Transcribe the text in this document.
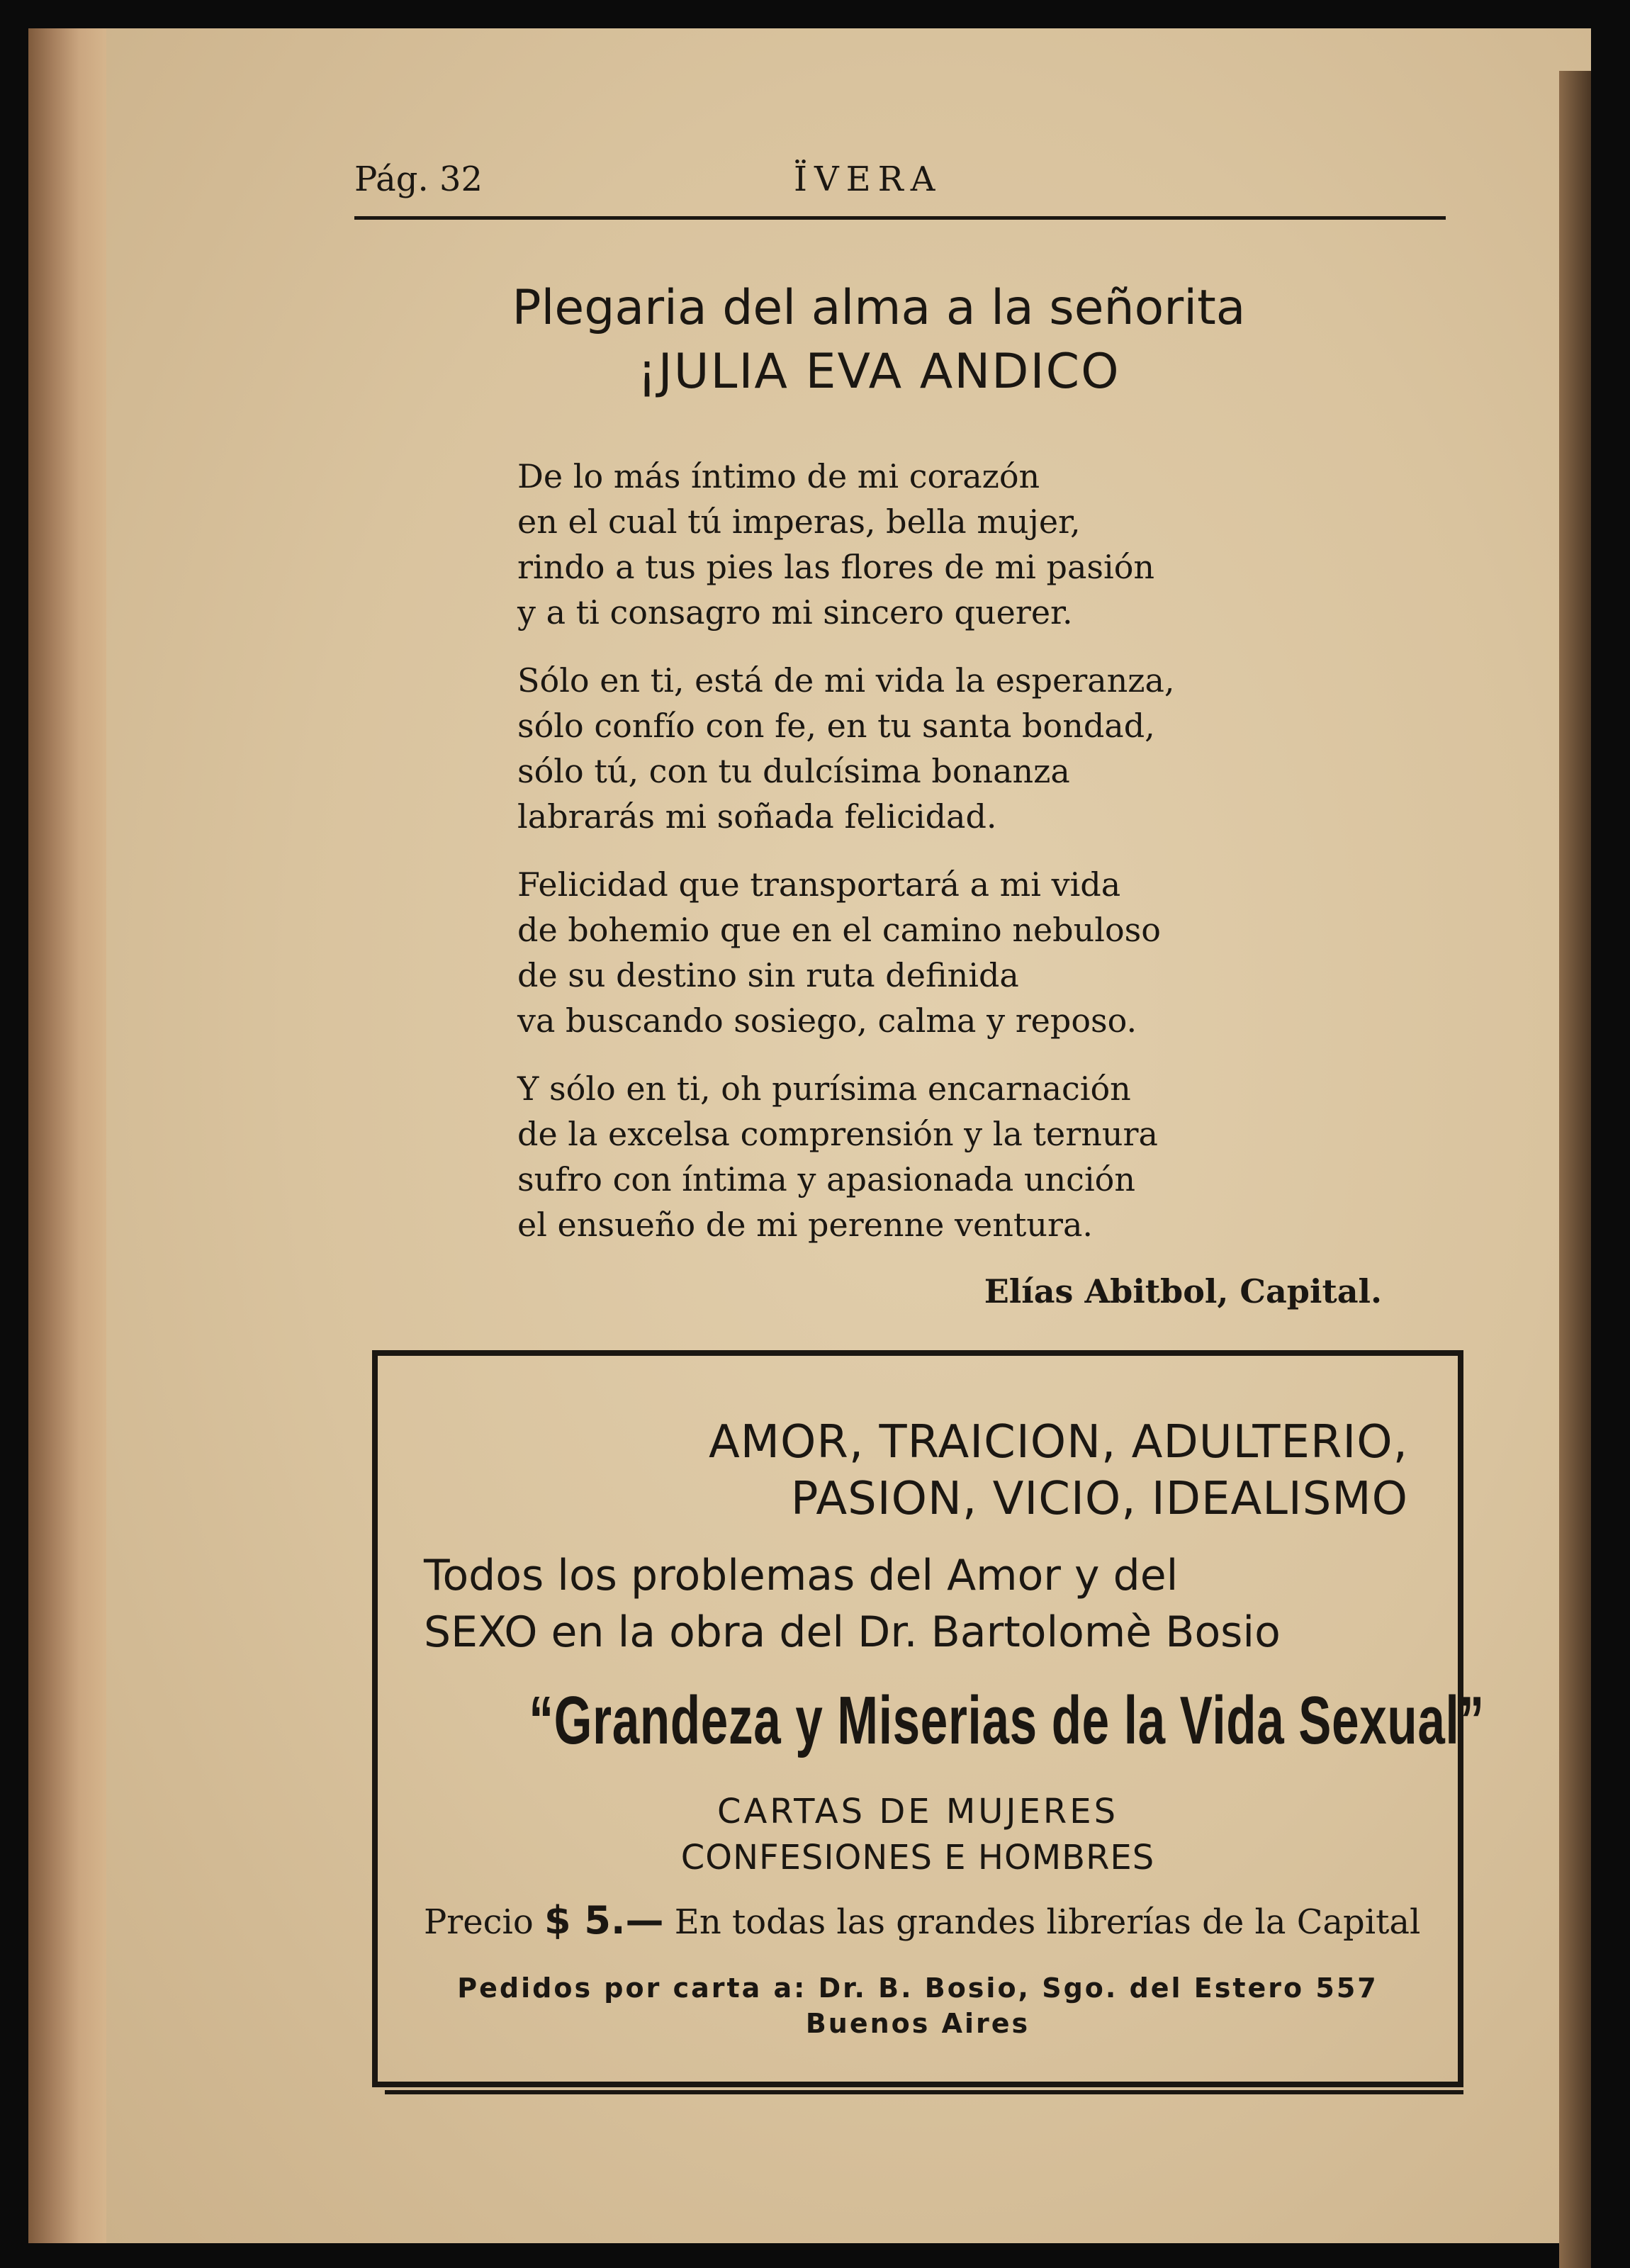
Pág. 32	ÏVERA
Plegaria del alma a la señorita
¡JULIA EVA ANDICO
De lo más íntimo de mi corazón
en el cual tú imperas, bella mujer,
rindo a tus pies las flores de mi pasión
y a ti consagro mi sincero querer.
Sólo en ti, está de mi vida la esperanza,
sólo confío con fe, en tu santa bondad,
sólo tú, con tu dulcísima bonanza
labrarás mi soñada felicidad.
Felicidad que transportará a mi vida
de bohemio que en el camino nebuloso
de su destino sin ruta definida
va buscando sosiego, calma y reposo.
Y sólo en ti, oh purísima encarnación
de la excelsa comprensión y la ternura
sufro con íntima y apasionada unción
el ensueño de mi perenne ventura.
Elías Abitbol, Capital.
AMOR, TRAICION, ADULTERIO,
PASION, VICIO, IDEALISMO
Todos los problemas del Amor y del
SEXO en la obra del Dr. Bartolomè Bosio
“Grandeza y Miserias de la Vida Sexual”
CARTAS DE MUJERES
CONFESIONES E HOMBRES
Precio $ 5.— En todas las grandes librerías de la Capital
Pedidos por carta a: Dr. B. Bosio, Sgo. del Estero 557
Buenos Aires
